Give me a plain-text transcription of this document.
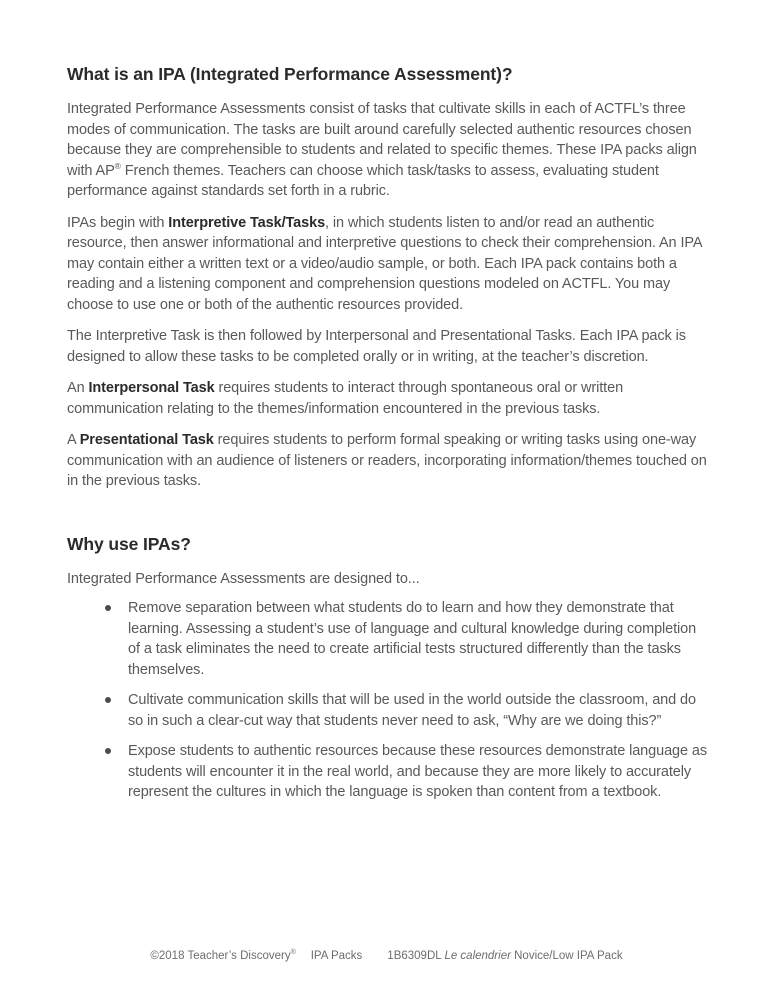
What is an IPA (Integrated Performance Assessment)?

Integrated Performance Assessments consist of tasks that cultivate skills in each of ACTFL’s three modes of communication. The tasks are built around carefully selected authentic resources chosen because they are comprehensible to students and related to specific themes. These IPA packs align with AP® French themes. Teachers can choose which task/tasks to assess, evaluating student performance against standards set forth in a rubric.

IPAs begin with Interpretive Task/Tasks, in which students listen to and/or read an authentic resource, then answer informational and interpretive questions to check their comprehension. An IPA may contain either a written text or a video/audio sample, or both. Each IPA pack contains both a reading and a listening component and comprehension questions modeled on ACTFL. You may choose to use one or both of the authentic resources provided.

The Interpretive Task is then followed by Interpersonal and Presentational Tasks. Each IPA pack is designed to allow these tasks to be completed orally or in writing, at the teacher’s discretion.

An Interpersonal Task requires students to interact through spontaneous oral or written communication relating to the themes/information encountered in the previous tasks.

A Presentational Task requires students to perform formal speaking or writing tasks using one-way communication with an audience of listeners or readers, incorporating information/themes touched on in the previous tasks.

Why use IPAs?

Integrated Performance Assessments are designed to...

Remove separation between what students do to learn and how they demonstrate that learning. Assessing a student’s use of language and cultural knowledge during completion of a task eliminates the need to create artificial tests structured differently than the tasks themselves.
Cultivate communication skills that will be used in the world outside the classroom, and do so in such a clear-cut way that students never need to ask, “Why are we doing this?”
Expose students to authentic resources because these resources demonstrate language as students will encounter it in the real world, and because they are more likely to accurately represent the cultures in which the language is spoken than content from a textbook.
©2018 Teacher’s Discovery® IPA Packs 1B6309DL Le calendrier Novice/Low IPA Pack
